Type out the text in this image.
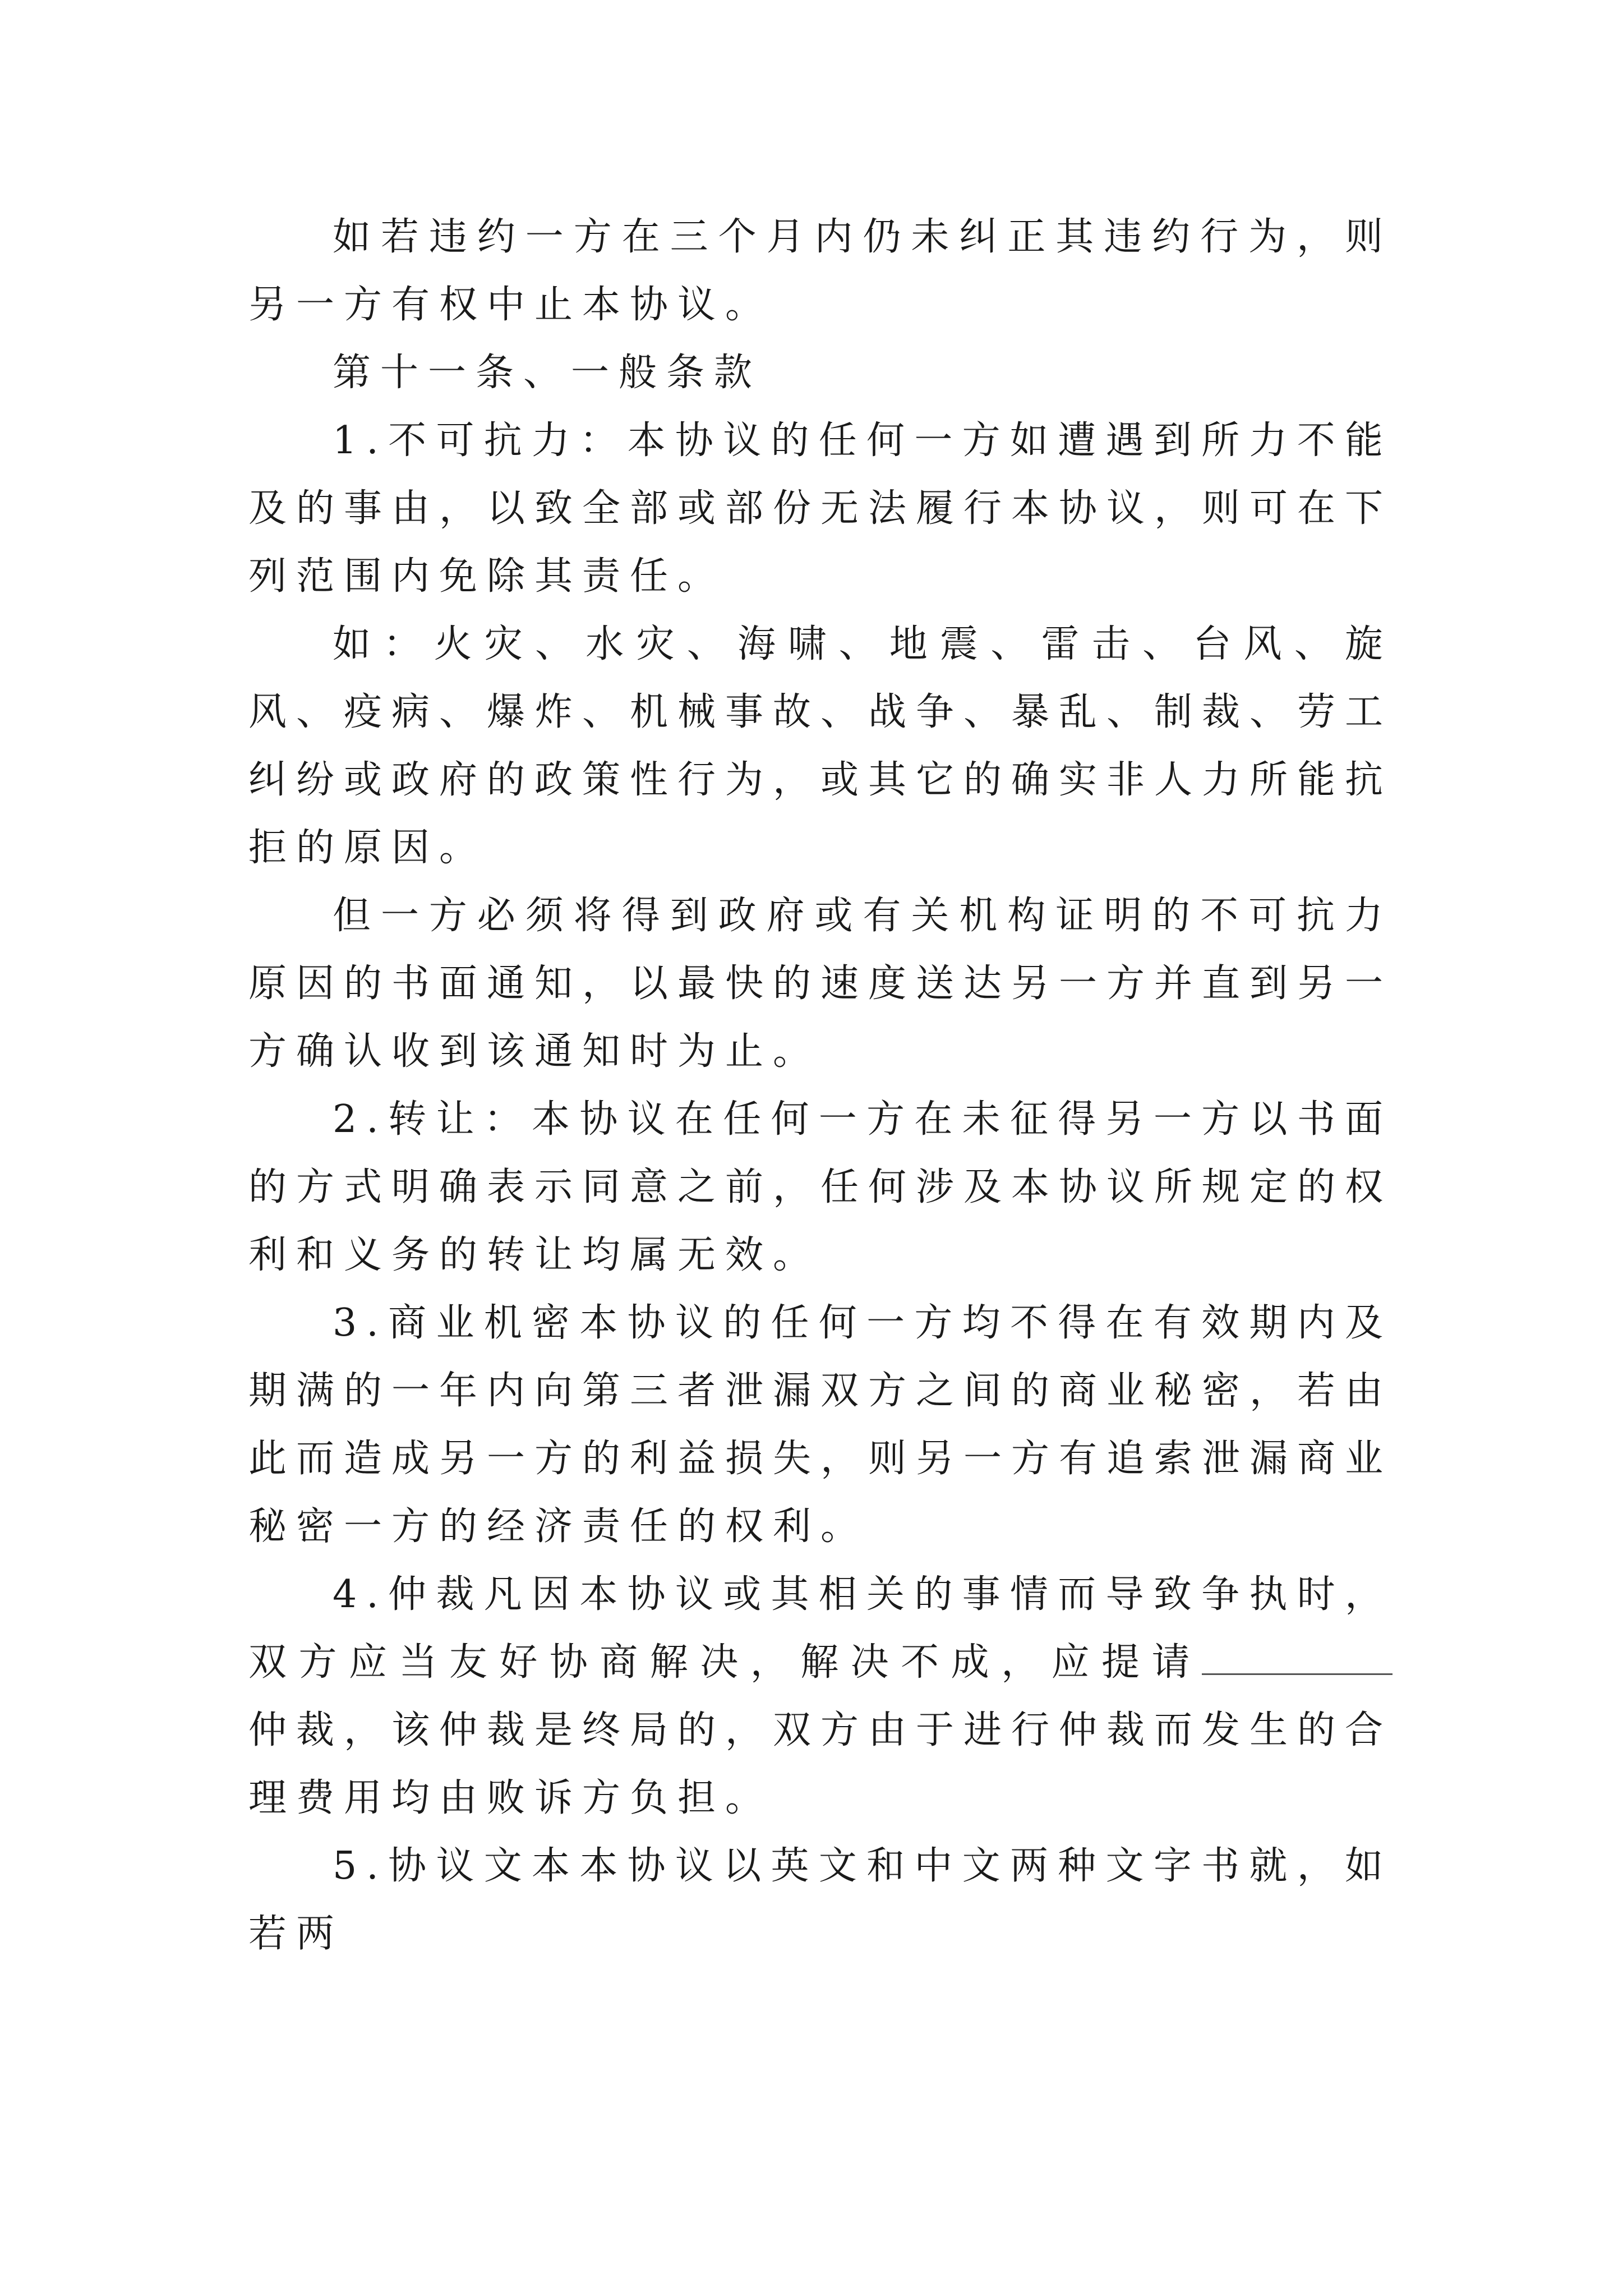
如若违约一方在三个月内仍未纠正其违约行为，则另一方有权中止本协议。

第十一条、一般条款

1.不可抗力：本协议的任何一方如遭遇到所力不能及的事由，以致全部或部份无法履行本协议，则可在下列范围内免除其责任。

如：火灾、水灾、海啸、地震、雷击、台风、旋风、疫病、爆炸、机械事故、战争、暴乱、制裁、劳工纠纷或政府的政策性行为，或其它的确实非人力所能抗拒的原因。

但一方必须将得到政府或有关机构证明的不可抗力原因的书面通知，以最快的速度送达另一方并直到另一方确认收到该通知时为止。

2.转让：本协议在任何一方在未征得另一方以书面的方式明确表示同意之前，任何涉及本协议所规定的权利和义务的转让均属无效。

3.商业机密本协议的任何一方均不得在有效期内及期满的一年内向第三者泄漏双方之间的商业秘密，若由此而造成另一方的利益损失，则另一方有追索泄漏商业秘密一方的经济责任的权利。

4.仲裁凡因本协议或其相关的事情而导致争执时，双方应当友好协商解决，解决不成，应提请仲裁，该仲裁是终局的，双方由于进行仲裁而发生的合理费用均由败诉方负担。

5.协议文本本协议以英文和中文两种文字书就，如若两
